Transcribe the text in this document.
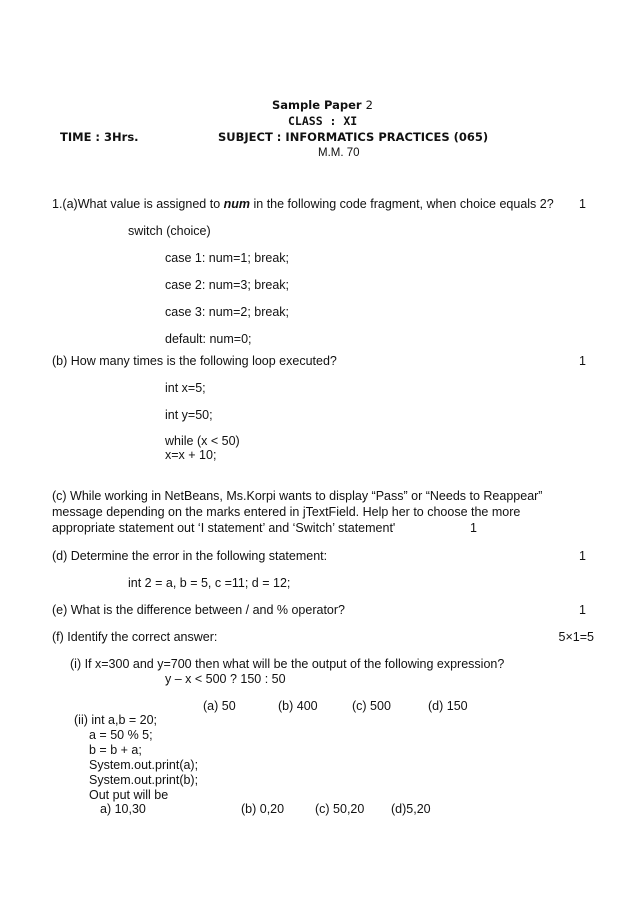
Sample Paper 2
CLASS : XI
TIME : 3Hrs.	SUBJECT : INFORMATICS PRACTICES (065)
M.M. 70
1.(a)What value is assigned to num in the following code fragment, when choice equals 2? 1
switch (choice)
case 1: num=1; break;
case 2: num=3; break;
case 3: num=2; break;
default: num=0;
(b) How many times is the following loop executed?	1
int x=5;
int y=50;
while (x < 50)
x=x + 10;
(c) While working in NetBeans, Ms.Korpi wants to display “Pass” or “Needs to Reappear”
message depending on the marks entered in jTextField. Help her to choose the more
appropriate statement out ‘I statement’ and ‘Switch’ statement'	1
(d) Determine the error in the following statement:	1
int 2 = a, b = 5, c =11; d = 12;
(e) What is the difference between / and % operator?	1
(f) Identify the correct answer:	5×1=5
(i) If x=300 and y=700 then what will be the output of the following expression?
y – x < 500 ? 150 : 50
(a) 50	(b) 400	(c) 500	(d) 150
(ii) int a,b = 20;
a = 50 % 5;
b = b + a;
System.out.print(a);
System.out.print(b);
Out put will be
a) 10,30	(b) 0,20 (c) 50,20 (d)5,20
